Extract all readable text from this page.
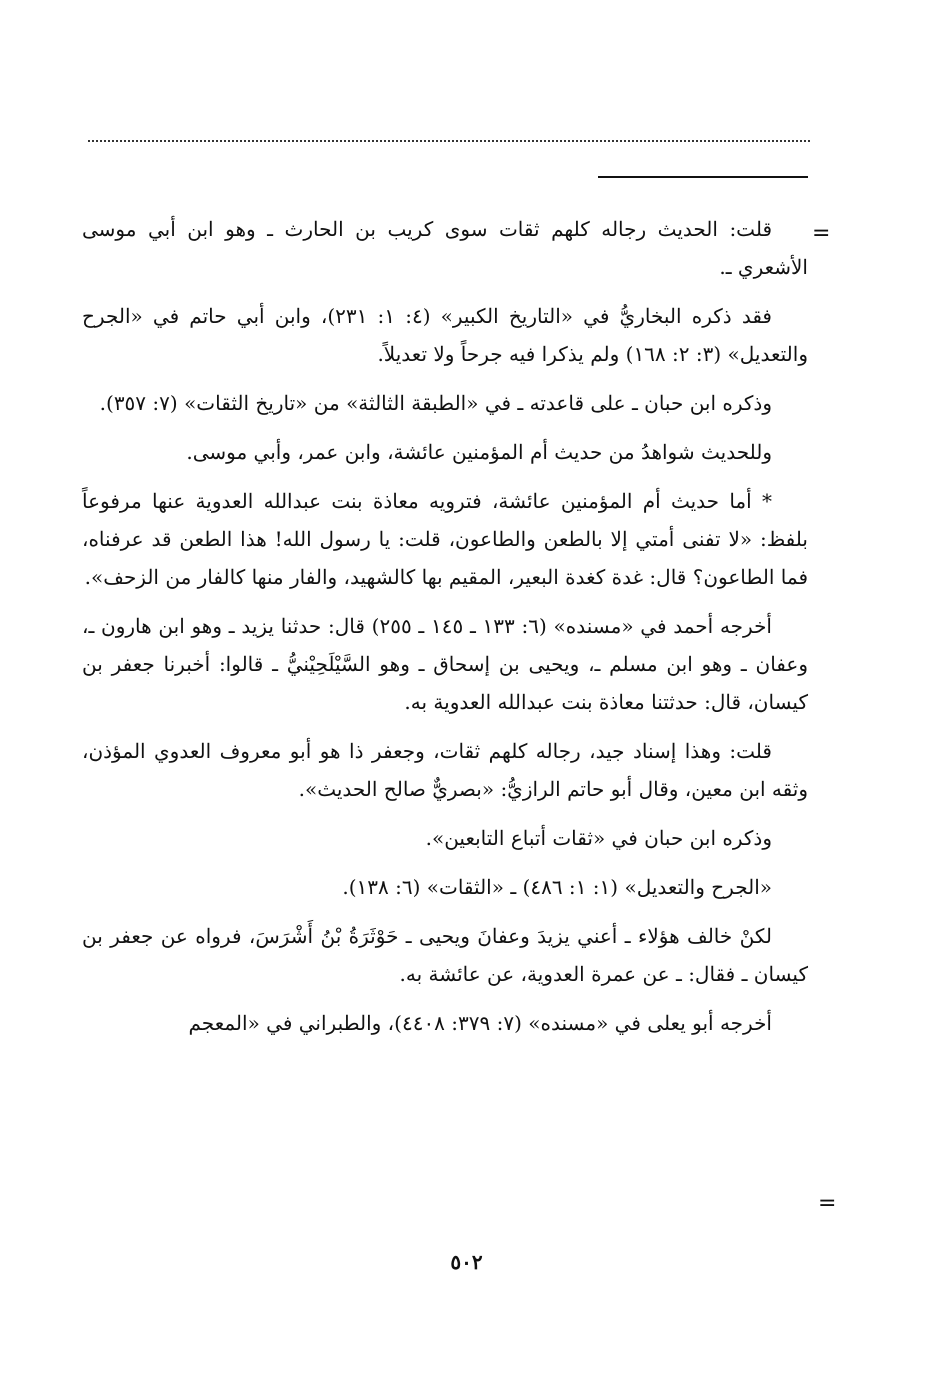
=

قلت: الحديث رجاله كلهم ثقات سوى كريب بن الحارث ـ وهو ابن أبي موسى الأشعري ـ.

فقد ذكره البخاريُّ في «التاريخ الكبير» (٤: ١: ٢٣١)، وابن أبي حاتم في «الجرح والتعديل» (٣: ٢: ١٦٨) ولم يذكرا فيه جرحاً ولا تعديلاً.

وذكره ابن حبان ـ على قاعدته ـ في «الطبقة الثالثة» من «تاريخ الثقات» (٧: ٣٥٧).

وللحديث شواهدُ من حديث أم المؤمنين عائشة، وابن عمر، وأبي موسى.

* أما حديث أم المؤمنين عائشة، فترويه معاذة بنت عبدالله العدوية عنها مرفوعاً بلفظ: «لا تفنى أمتي إلا بالطعن والطاعون، قلت: يا رسول الله! هذا الطعن قد عرفناه، فما الطاعون؟ قال: غدة كغدة البعير، المقيم بها كالشهيد، والفار منها كالفار من الزحف».

أخرجه أحمد في «مسنده» (٦: ١٣٣ ـ ١٤٥ ـ ٢٥٥) قال: حدثنا يزيد ـ وهو ابن هارون ـ، وعفان ـ وهو ابن مسلم ـ، ويحيى بن إسحاق ـ وهو السَّيْلَحِيْنيُّ ـ قالوا: أخبرنا جعفر بن كيسان، قال: حدثتنا معاذة بنت عبدالله العدوية به.

قلت: وهذا إسناد جيد، رجاله كلهم ثقات، وجعفر ذا هو أبو معروف العدوي المؤذن، وثقه ابن معين، وقال أبو حاتم الرازيُّ: «بصريٌّ صالح الحديث».

وذكره ابن حبان في «ثقات أتباع التابعين».

«الجرح والتعديل» (١: ١: ٤٨٦) ـ «الثقات» (٦: ١٣٨).

لكنْ خالف هؤلاء ـ أعني يزيدَ وعفانَ ويحيى ـ حَوْثَرَةُ بْنُ أَشْرَسَ، فرواه عن جعفر بن كيسان ـ فقال: ـ عن عمرة العدوية، عن عائشة به.

أخرجه أبو يعلى في «مسنده» (٧: ٣٧٩: ٤٤٠٨)، والطبراني في «المعجم

=
٥٠٢
